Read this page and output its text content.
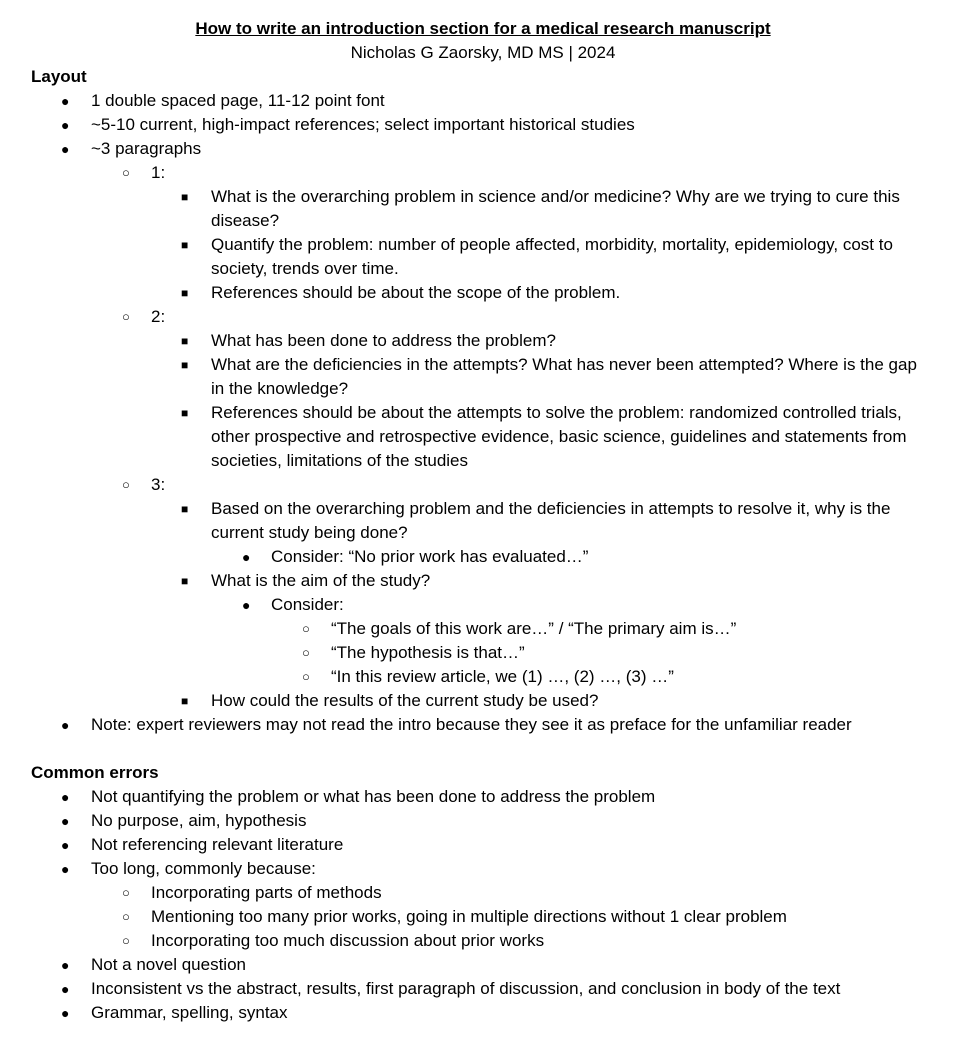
How to write an introduction section for a medical research manuscript
Nicholas G Zaorsky, MD MS | 2024
Layout
● 1 double spaced page, 11-12 point font
● ~5-10 current, high-impact references; select important historical studies
● ~3 paragraphs
○ 1:
■ What is the overarching problem in science and/or medicine? Why are we trying to cure this disease?
■ Quantify the problem: number of people affected, morbidity, mortality, epidemiology, cost to society, trends over time.
■ References should be about the scope of the problem.
○ 2:
■ What has been done to address the problem?
■ What are the deficiencies in the attempts? What has never been attempted? Where is the gap in the knowledge?
■ References should be about the attempts to solve the problem: randomized controlled trials, other prospective and retrospective evidence, basic science, guidelines and statements from societies, limitations of the studies
○ 3:
■ Based on the overarching problem and the deficiencies in attempts to resolve it, why is the current study being done?
● Consider: “No prior work has evaluated…”
■ What is the aim of the study?
● Consider:
○ “The goals of this work are…” / “The primary aim is…”
○ “The hypothesis is that…”
○ “In this review article, we (1) …, (2) …, (3) …”
■ How could the results of the current study be used?
● Note: expert reviewers may not read the intro because they see it as preface for the unfamiliar reader
Common errors
● Not quantifying the problem or what has been done to address the problem
● No purpose, aim, hypothesis
● Not referencing relevant literature
● Too long, commonly because:
○ Incorporating parts of methods
○ Mentioning too many prior works, going in multiple directions without 1 clear problem
○ Incorporating too much discussion about prior works
● Not a novel question
● Inconsistent vs the abstract, results, first paragraph of discussion, and conclusion in body of the text
● Grammar, spelling, syntax
